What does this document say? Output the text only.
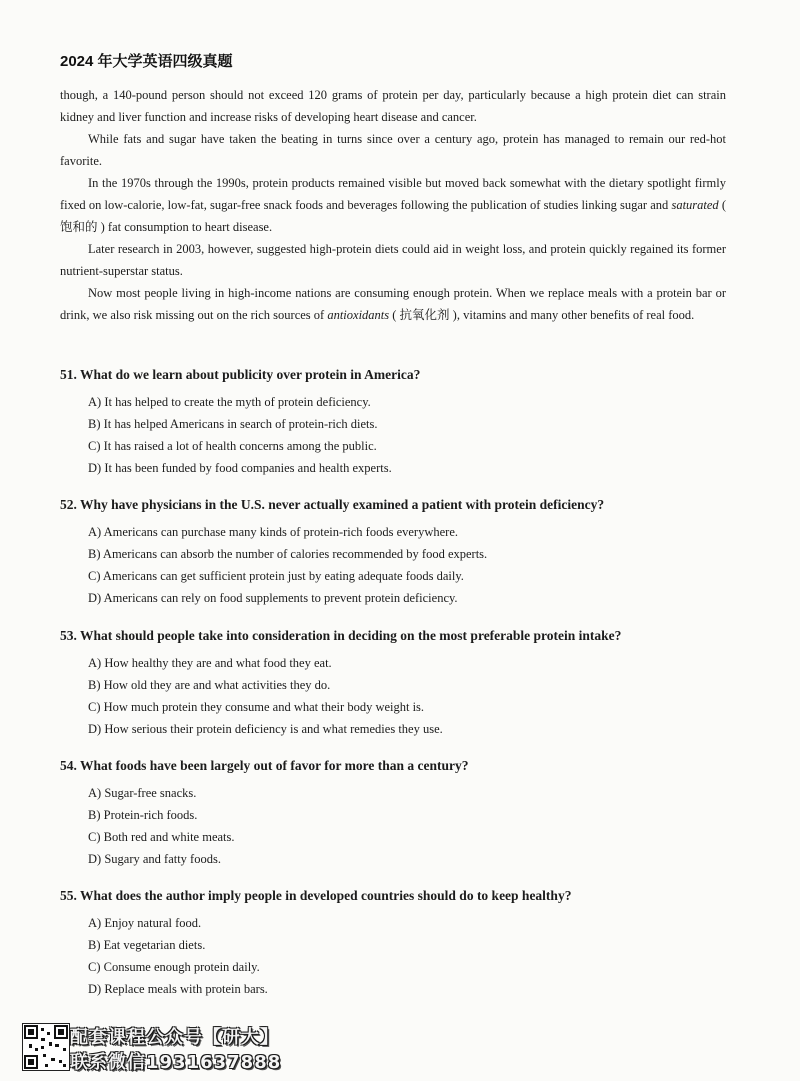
2024 年大学英语四级真题

though, a 140-pound person should not exceed 120 grams of protein per day, particularly because a high protein diet can strain kidney and liver function and increase risks of developing heart disease and cancer.

While fats and sugar have taken the beating in turns since over a century ago, protein has managed to remain our red-hot favorite.

In the 1970s through the 1990s, protein products remained visible but moved back somewhat with the dietary spotlight firmly fixed on low-calorie, low-fat, sugar-free snack foods and beverages following the publication of studies linking sugar and saturated ( 饱和的 ) fat consumption to heart disease.

Later research in 2003, however, suggested high-protein diets could aid in weight loss, and protein quickly regained its former nutrient-superstar status.

Now most people living in high-income nations are consuming enough protein. When we replace meals with a protein bar or drink, we also risk missing out on the rich sources of antioxidants ( 抗氧化剂 ), vitamins and many other benefits of real food.

51. What do we learn about publicity over protein in America?

A) It has helped to create the myth of protein deficiency.
B) It has helped Americans in search of protein-rich diets.
C) It has raised a lot of health concerns among the public.
D) It has been funded by food companies and health experts.

52. Why have physicians in the U.S. never actually examined a patient with protein deficiency?

A) Americans can purchase many kinds of protein-rich foods everywhere.
B) Americans can absorb the number of calories recommended by food experts.
C) Americans can get sufficient protein just by eating adequate foods daily.
D) Americans can rely on food supplements to prevent protein deficiency.

53. What should people take into consideration in deciding on the most preferable protein intake?

A) How healthy they are and what food they eat.
B) How old they are and what activities they do.
C) How much protein they consume and what their body weight is.
D) How serious their protein deficiency is and what remedies they use.

54. What foods have been largely out of favor for more than a century?

A) Sugar-free snacks.
B) Protein-rich foods.
C) Both red and white meats.
D) Sugary and fatty foods.

55. What does the author imply people in developed countries should do to keep healthy?

A) Enjoy natural food.
B) Eat vegetarian diets.
C) Consume enough protein daily.
D) Replace meals with protein bars.
配套课程公众号【研大】
联系微信1931637888
